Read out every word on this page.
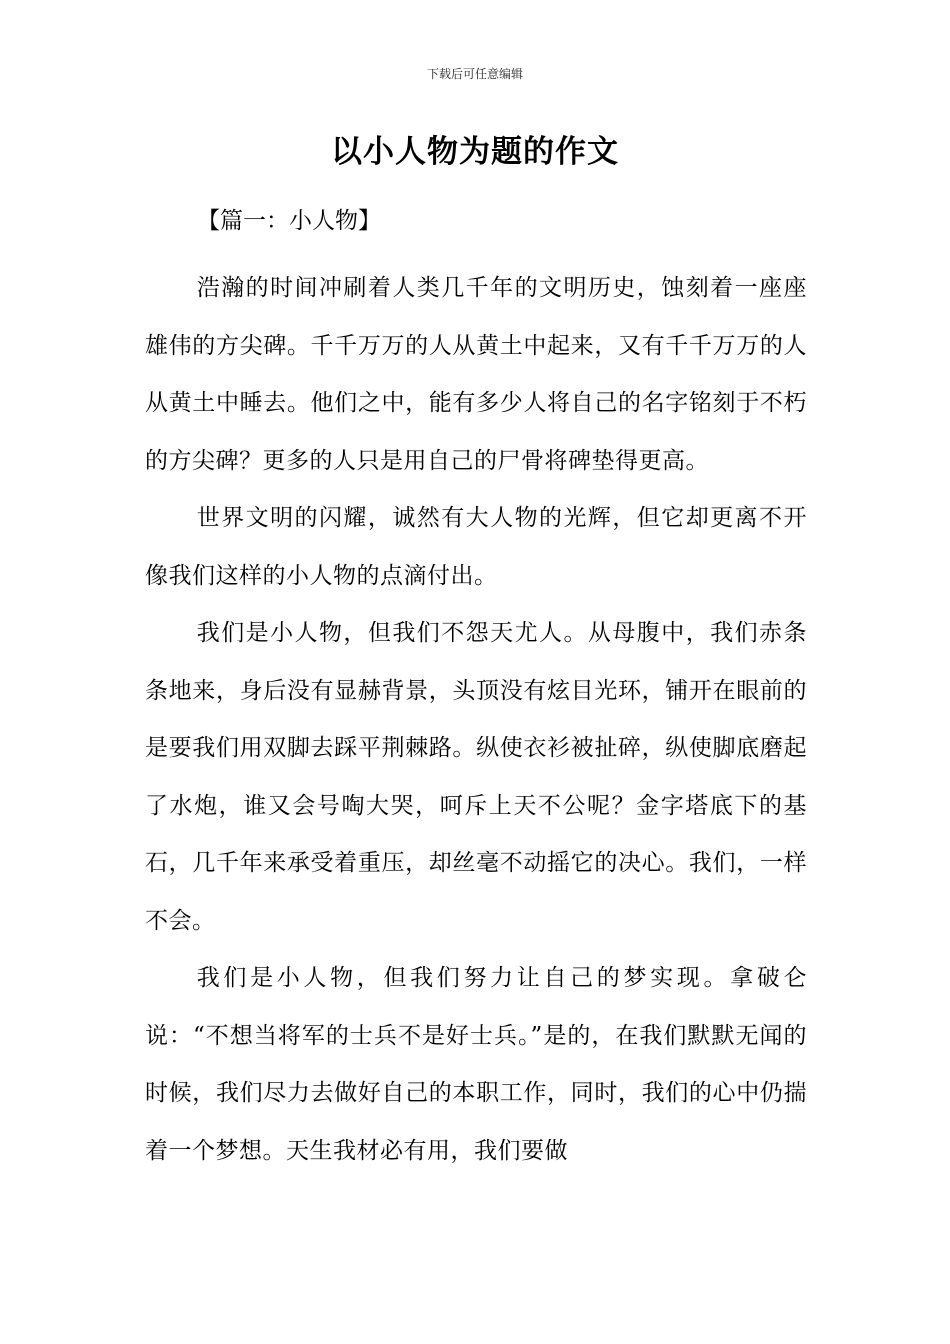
下载后可任意编辑
以小人物为题的作文
【篇一：小人物】

浩瀚的时间冲刷着人类几千年的文明历史，蚀刻着一座座雄伟的方尖碑。千千万万的人从黄土中起来，又有千千万万的人从黄土中睡去。他们之中，能有多少人将自己的名字铭刻于不朽的方尖碑？更多的人只是用自己的尸骨将碑垫得更高。

世界文明的闪耀，诚然有大人物的光辉，但它却更离不开像我们这样的小人物的点滴付出。

我们是小人物，但我们不怨天尤人。从母腹中，我们赤条条地来，身后没有显赫背景，头顶没有炫目光环，铺开在眼前的是要我们用双脚去踩平荆棘路。纵使衣衫被扯碎，纵使脚底磨起了水炮，谁又会号啕大哭，呵斥上天不公呢？金字塔底下的基石，几千年来承受着重压，却丝毫不动摇它的决心。我们，一样不会。

我们是小人物，但我们努力让自己的梦实现。拿破仑说：“不想当将军的士兵不是好士兵。”是的，在我们默默无闻的时候，我们尽力去做好自己的本职工作，同时，我们的心中仍揣着一个梦想。天生我材必有用，我们要做
